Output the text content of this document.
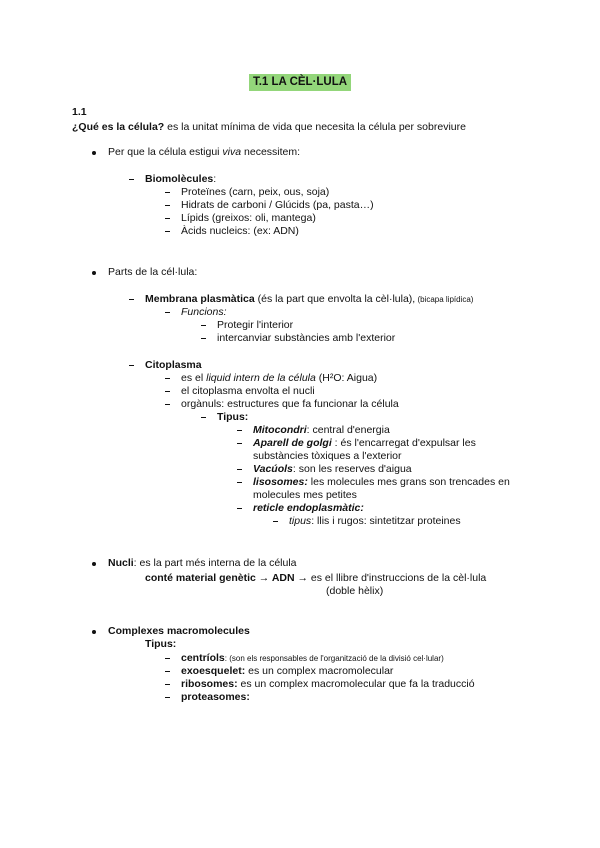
T.1 LA CÈL·LULA
1.1
¿Qué es la célula? es la unitat mínima de vida que necesita la célula per sobreviure
Per que la célula estigui viva necessitem:
Biomolècules:
Proteïnes (carn, peix, ous, soja)
Hidrats de carboni / Glúcids (pa, pasta…)
Lípids (greixos: oli, mantega)
Àcids nucleics: (ex: ADN)
Parts de la cél·lula:
Membrana plasmàtica (és la part que envolta la cèl·lula), (bicapa lipídica)
Funcions:
Protegir l'interior
intercanviar substàncies amb l'exterior
Citoplasma
es el liquid intern de la célula (H²O: Aigua)
el citoplasma envolta el nucli
orgànuls: estructures que fa funcionar la célula
Tipus:
Mitocondri: central d'energia
Aparell de golgi : és l'encarregat d'expulsar les
substàncies tòxiques a l'exterior
Vacúols: son les reserves d'aigua
lisosomes: les molecules mes grans son trencades en
molecules mes petites
reticle endoplasmàtic:
tipus: llis i rugos: sintetitzar proteines
Nucli: es la part més interna de la célula
conté material genètic → ADN → es el llibre d'instruccions de la cèl·lula
(doble hèlix)
Complexes macromolecules
Tipus:
centríols: (son els responsables de l'organització de la divisió cel·lular)
exoesquelet: es un complex macromolecular
ribosomes: es un complex macromolecular que fa la traducció
proteasomes:
